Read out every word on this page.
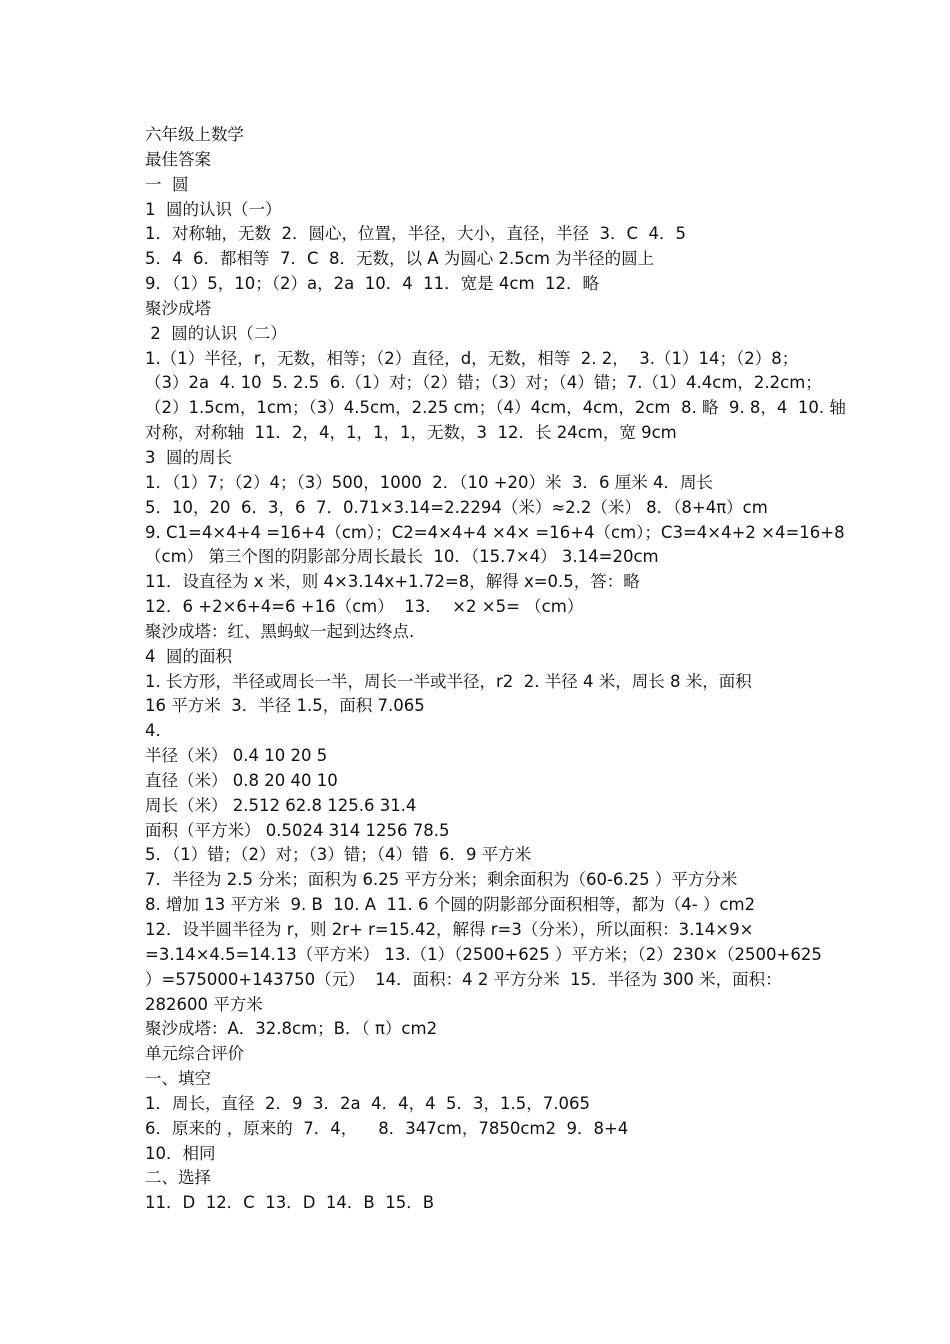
六年级上数学
最佳答案
一  圆
1  圆的认识（一）
1．对称轴，无数  2．圆心，位置，半径，大小，直径，半径  3．C  4．5
5．4  6．都相等  7．C  8．无数，以 A 为圆心 2.5cm 为半径的圆上
9．（1）5，10；（2）a，2a  10．4  11．宽是 4cm  12．略
聚沙成塔
2  圆的认识（二）
1.（1）半径，r，无数，相等；（2）直径，d，无数，相等  2. 2，  3.（1）14；（2）8；
（3）2a  4. 10  5. 2.5  6.（1）对；（2）错；（3）对；（4）错；7.（1）4.4cm，2.2cm；
（2）1.5cm，1cm；（3）4.5cm，2.25 cm；（4）4cm，4cm，2cm  8. 略  9. 8，4  10. 轴
对称，对称轴  11．2，4，1，1，1，无数，3  12．长 24cm，宽 9cm
3  圆的周长
1．（1）7；（2）4；（3）500，1000  2．（10 +20）米  3．6 厘米 4．周长
5．10，20  6．3，6  7．0.71×3.14=2.2294（米）≈2.2（米） 8．（8+4π）cm
9. C1=4×4+4 =16+4（cm）；C2=4×4+4 ×4× =16+4（cm）；C3=4×4+2 ×4=16+8
（cm） 第三个图的阴影部分周长最长  10．（15.7×4） 3.14=20cm
11．设直径为 x 米，则 4×3.14x+1.72=8，解得 x=0.5，答：略
12．6 +2×6+4=6 +16（cm）  13．  ×2 ×5= （cm）
聚沙成塔：红、黑蚂蚁一起到达终点.
4  圆的面积
1. 长方形，半径或周长一半，周长一半或半径，r2  2. 半径 4 米，周长 8 米，面积
16 平方米  3．半径 1.5，面积 7.065
4．
半径（米） 0.4 10 20 5
直径（米） 0.8 20 40 10
周长（米） 2.512 62.8 125.6 31.4
面积（平方米） 0.5024 314 1256 78.5
5．（1）错；（2）对；（3）错；（4）错  6．9 平方米
7．半径为 2.5 分米；面积为 6.25 平方分米；剩余面积为（60-6.25 ）平方分米
8. 增加 13 平方米  9. B  10. A  11. 6 个圆的阴影部分面积相等，都为（4- ）cm2
12．设半圆半径为 r，则 2r+ r=15.42，解得 r=3（分米），所以面积：3.14×9×
=3.14×4.5=14.13（平方米） 13.（1）（2500+625 ）平方米；（2）230×（2500+625
）=575000+143750（元）  14．面积：4 2 平方分米  15．半径为 300 米，面积：
282600 平方米
聚沙成塔：A．32.8cm；B．（ π）cm2
单元综合评价
一、填空
1．周长，直径  2．9  3．2a  4．4，4  5．3，1.5，7.065
6．原来的 ，原来的  7．4，    8．347cm，7850cm2  9．8+4
10．相同
二、选择
11．D  12．C  13．D  14．B  15．B
